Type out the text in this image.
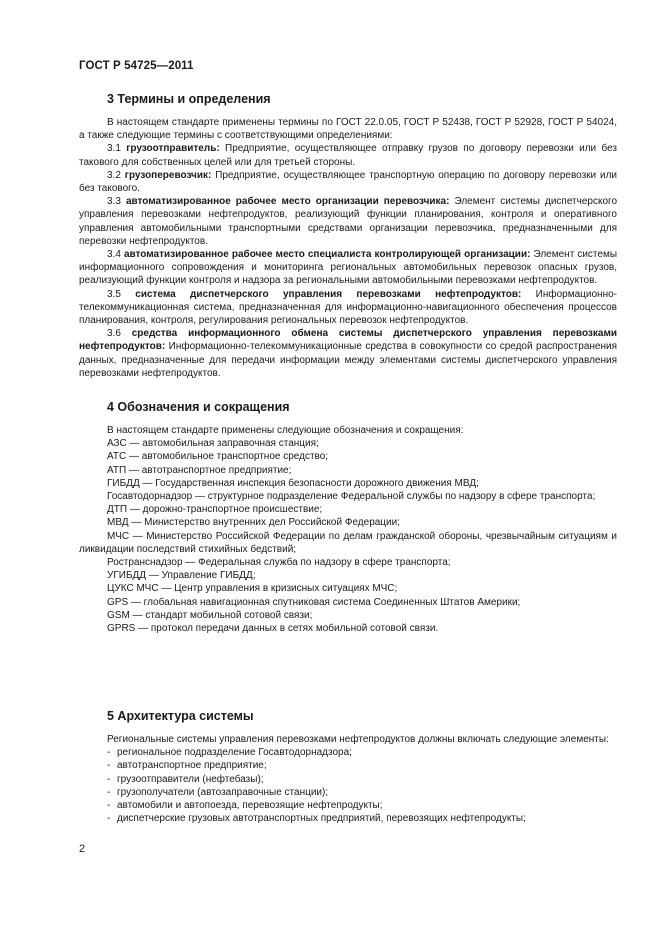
ГОСТ Р 54725—2011
3 Термины и определения

В настоящем стандарте применены термины по ГОСТ 22.0.05, ГОСТ Р 52438, ГОСТ Р 52928, ГОСТ Р 54024, а также следующие термины с соответствующими определениями:

3.1 грузоотправитель: Предприятие, осуществляющее отправку грузов по договору перевозки или без такового для собственных целей или для третьей стороны.

3.2 грузоперевозчик: Предприятие, осуществляющее транспортную операцию по договору перевозки или без такового.

3.3 автоматизированное рабочее место организации перевозчика: Элемент системы диспетчерского управления перевозками нефтепродуктов, реализующий функции планирования, контроля и оперативного управления автомобильными транспортными средствами организации перевозчика, предназначенными для перевозки нефтепродуктов.

3.4 автоматизированное рабочее место специалиста контролирующей организации: Элемент системы информационного сопровождения и мониторинга региональных автомобильных перевозок опасных грузов, реализующий функции контроля и надзора за региональными автомобильными перевозками нефтепродуктов.

3.5 система диспетчерского управления перевозками нефтепродуктов: Информационно-телекоммуникационная система, предназначенная для информационно-навигационного обеспечения процессов планирования, контроля, регулирования региональных перевозок нефтепродуктов.

3.6 средства информационного обмена системы диспетчерского управления перевозками нефтепродуктов: Информационно-телекоммуникационные средства в совокупности со средой распространения данных, предназначенные для передачи информации между элементами системы диспетчерского управления перевозками нефтепродуктов.

4 Обозначения и сокращения

В настоящем стандарте применены следующие обозначения и сокращения:

АЗС — автомобильная заправочная станция;

АТС — автомобильное транспортное средство;

АТП — автотранспортное предприятие;

ГИБДД — Государственная инспекция безопасности дорожного движения МВД;

Госавтодорнадзор — структурное подразделение Федеральной службы по надзору в сфере транспорта;

ДТП — дорожно-транспортное происшествие;

МВД — Министерство внутренних дел Российской Федерации;

МЧС — Министерство Российской Федерации по делам гражданской обороны, чрезвычайным ситуациям и ликвидации последствий стихийных бедствий;

Ространснадзор — Федеральная служба по надзору в сфере транспорта;

УГИБДД — Управление ГИБДД;

ЦУКС МЧС — Центр управления в кризисных ситуациях МЧС;

GPS — глобальная навигационная спутниковая система Соединенных Штатов Америки;

GSM — стандарт мобильной сотовой связи;

GPRS — протокол передачи данных в сетях мобильной сотовой связи.

5 Архитектура системы

Региональные системы управления перевозками нефтепродуктов должны включать следующие элементы:

- региональное подразделение Госавтодорнадзора;

- автотранспортное предприятие;

- грузоотправители (нефтебазы);

- грузополучатели (автозаправочные станции);

- автомобили и автопоезда, перевозящие нефтепродукты;

- диспетчерские грузовых автотранспортных предприятий, перевозящих нефтепродукты;

2
